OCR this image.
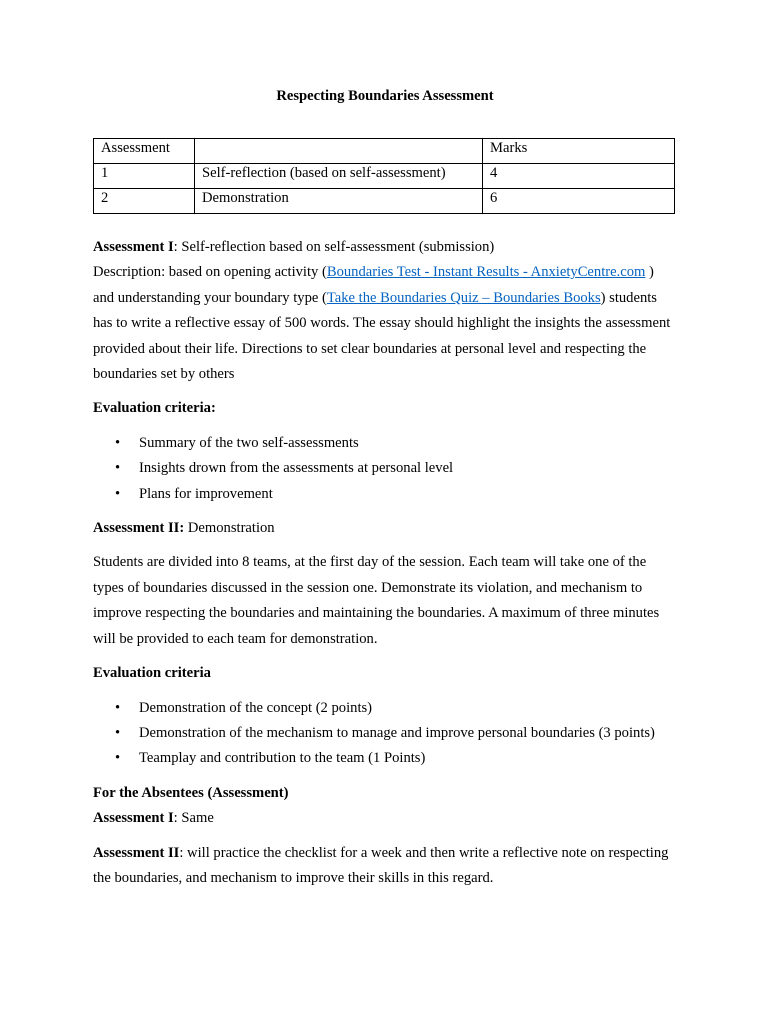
Respecting Boundaries Assessment

Assessment		Marks
1	Self-reflection (based on self-assessment)	4
2	Demonstration	6

Assessment I: Self-reflection based on self-assessment (submission)

Description: based on opening activity (Boundaries Test - Instant Results - AnxietyCentre.com ) and understanding your boundary type (Take the Boundaries Quiz – Boundaries Books) students has to write a reflective essay of 500 words. The essay should highlight the insights the assessment provided about their life. Directions to set clear boundaries at personal level and respecting the boundaries set by others

Evaluation criteria:

• Summary of the two self-assessments
• Insights drown from the assessments at personal level
• Plans for improvement

Assessment II: Demonstration

Students are divided into 8 teams, at the first day of the session. Each team will take one of the types of boundaries discussed in the session one. Demonstrate its violation, and mechanism to improve respecting the boundaries and maintaining the boundaries. A maximum of three minutes will be provided to each team for demonstration.

Evaluation criteria

• Demonstration of the concept (2 points)
• Demonstration of the mechanism to manage and improve personal boundaries (3 points)
• Teamplay and contribution to the team (1 Points)

For the Absentees (Assessment)

Assessment I: Same

Assessment II: will practice the checklist for a week and then write a reflective note on respecting the boundaries, and mechanism to improve their skills in this regard.
